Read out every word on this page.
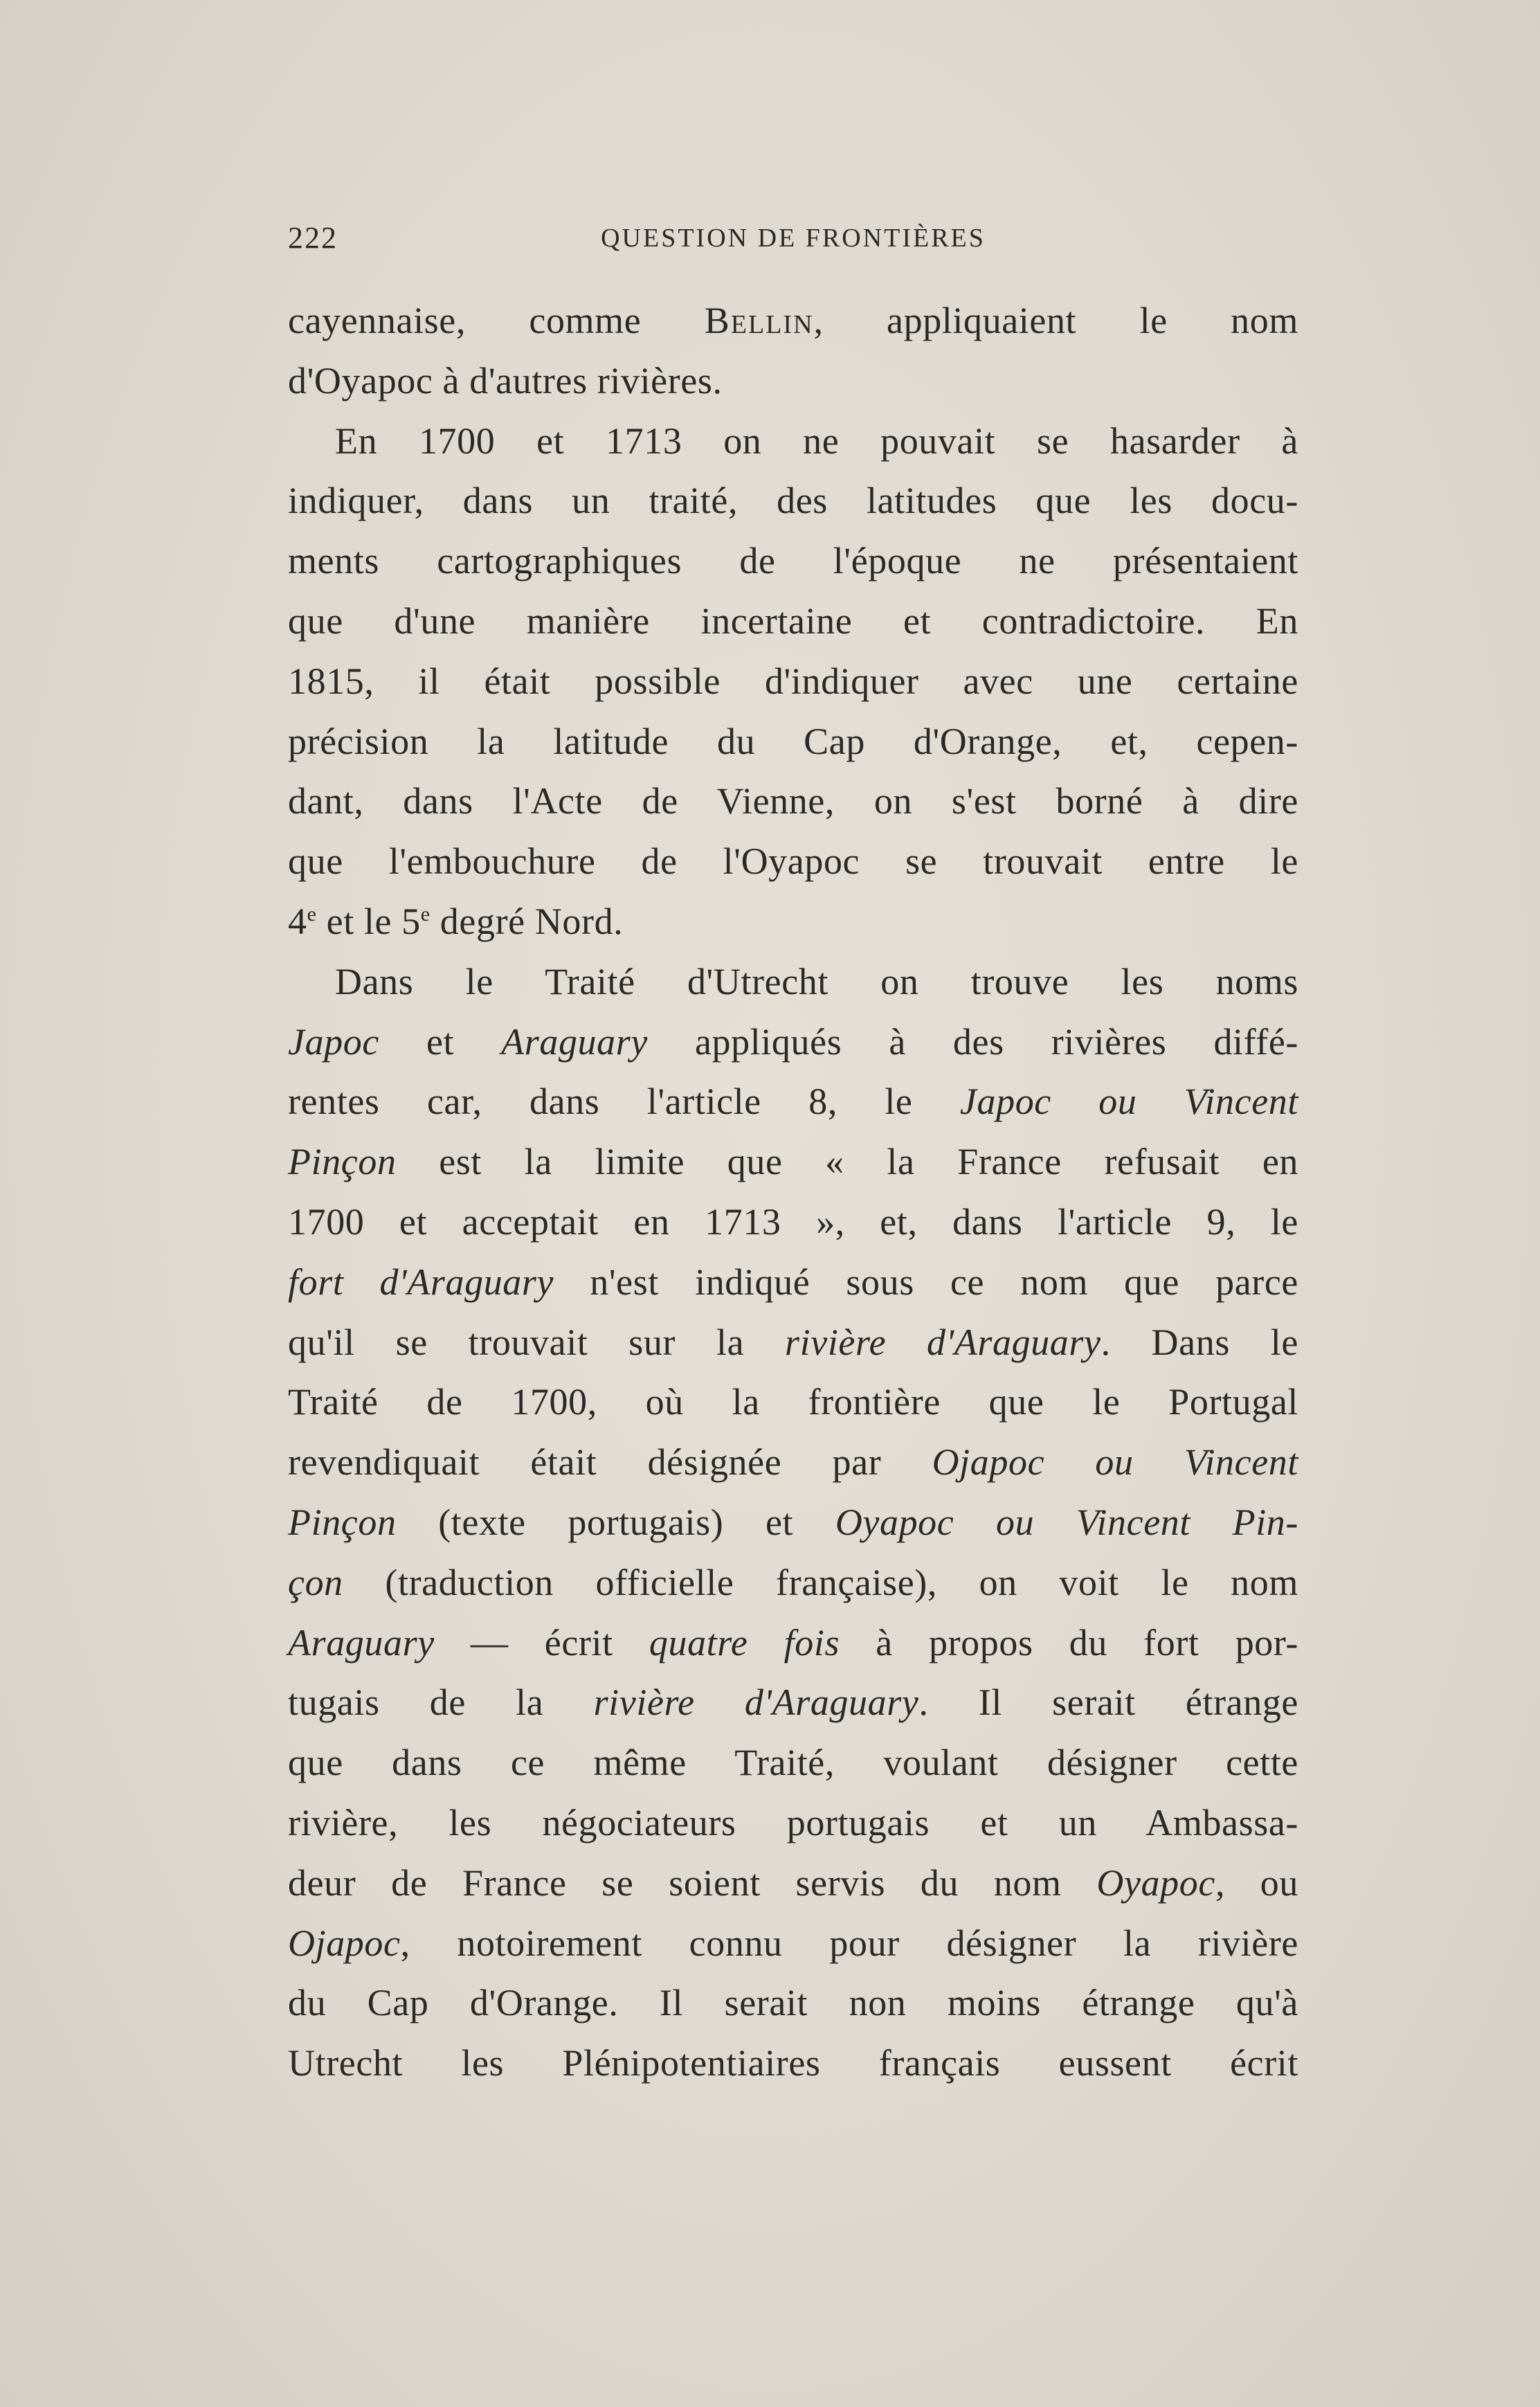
222	QUESTION DE FRONTIÈRES
cayennaise, comme Bellin, appliquaient le nom
d'Oyapoc à d'autres rivières.
En 1700 et 1713 on ne pouvait se hasarder à
indiquer, dans un traité, des latitudes que les docu-
ments cartographiques de l'époque ne présentaient
que d'une manière incertaine et contradictoire. En
1815, il était possible d'indiquer avec une certaine
précision la latitude du Cap d'Orange, et, cepen-
dant, dans l'Acte de Vienne, on s'est borné à dire
que l'embouchure de l'Oyapoc se trouvait entre le
4e et le 5e degré Nord.
Dans le Traité d'Utrecht on trouve les noms
Japoc et Araguary appliqués à des rivières diffé-
rentes car, dans l'article 8, le Japoc ou Vincent
Pinçon est la limite que « la France refusait en
1700 et acceptait en 1713 », et, dans l'article 9, le
fort d'Araguary n'est indiqué sous ce nom que parce
qu'il se trouvait sur la rivière d'Araguary. Dans le
Traité de 1700, où la frontière que le Portugal
revendiquait était désignée par Ojapoc ou Vincent
Pinçon (texte portugais) et Oyapoc ou Vincent Pin-
çon (traduction officielle française), on voit le nom
Araguary — écrit quatre fois à propos du fort por-
tugais de la rivière d'Araguary. Il serait étrange
que dans ce même Traité, voulant désigner cette
rivière, les négociateurs portugais et un Ambassa-
deur de France se soient servis du nom Oyapoc, ou
Ojapoc, notoirement connu pour désigner la rivière
du Cap d'Orange. Il serait non moins étrange qu'à
Utrecht les Plénipotentiaires français eussent écrit
